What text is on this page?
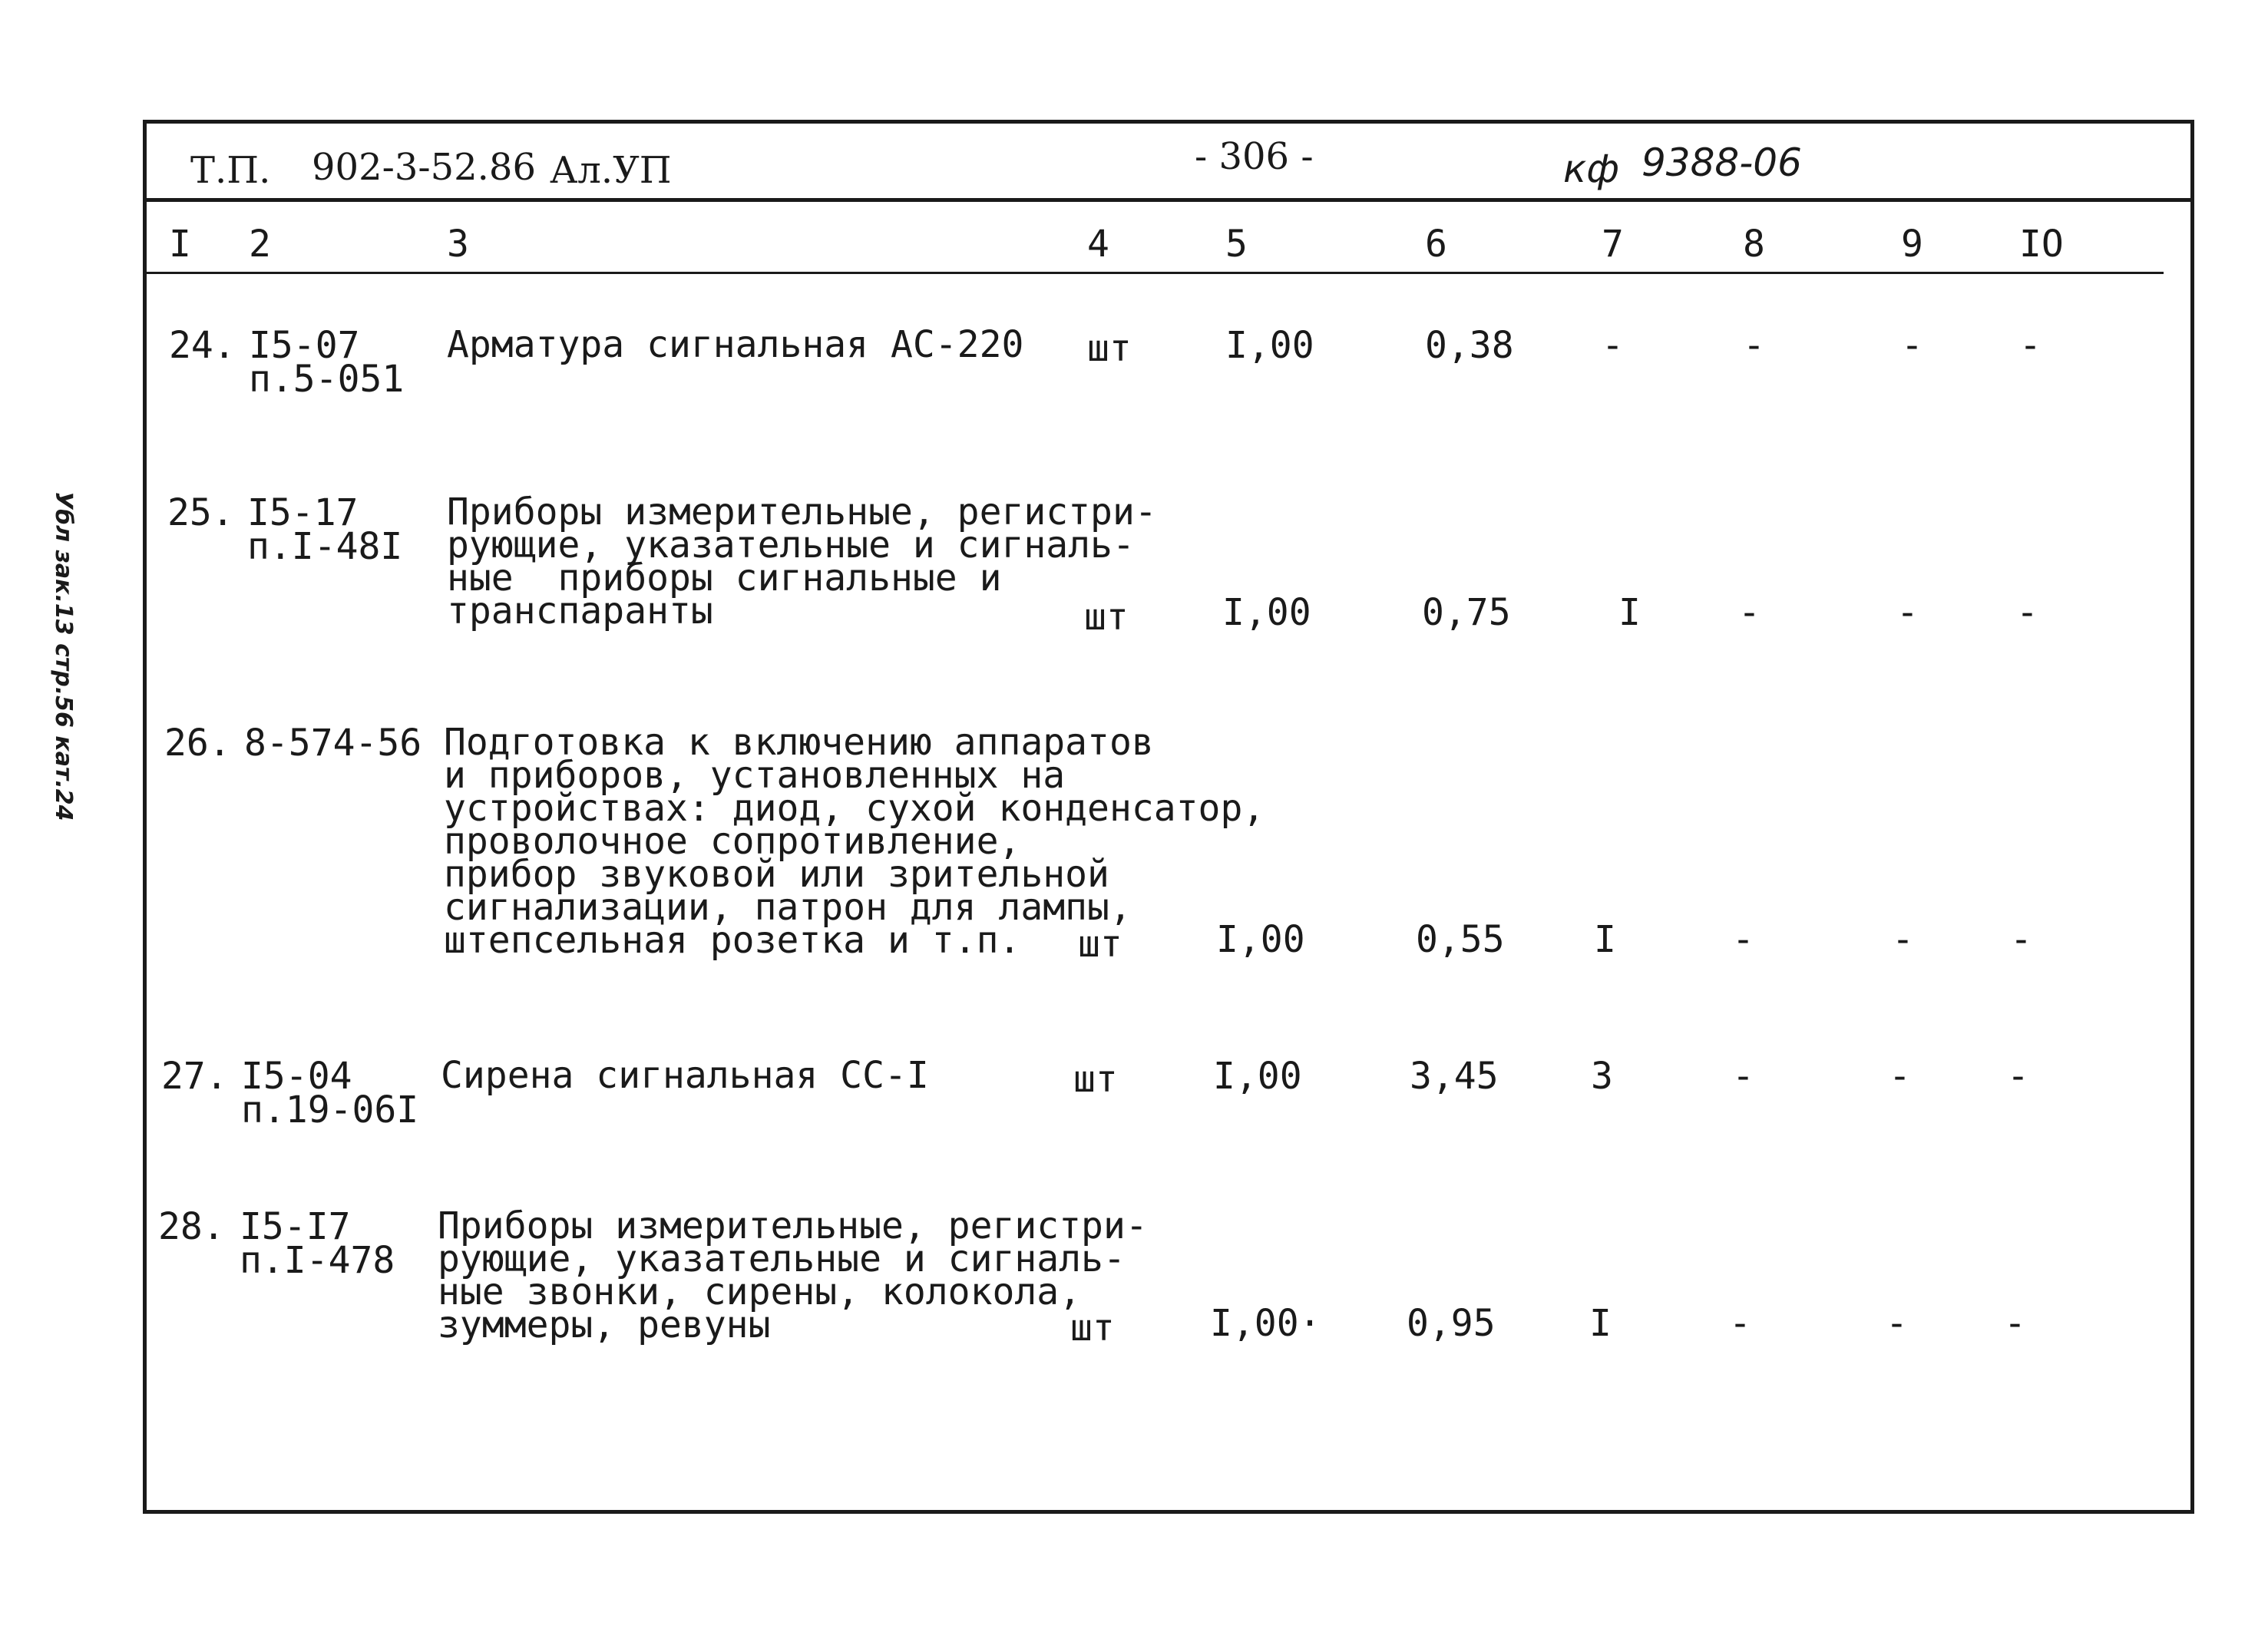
Убл зак.13 стр.56 кат.24
Т.П. 902-3-52.86 Ал.УП	- 306 -	кф 9388-06
I 2	3	4	5	6	7	8	9	IO
24. I5-07
п.5-051
Арматура сигнальная АС-220 шт	I,00	0,38 -	-	-	-
25. I5-17
п.I-48I
Приборы измерительные, регистри-
рующие, указательные и сигналь-
ные  приборы сигнальные и
транспаранты	шт	I,00	0,75	I	-	-	-
26. 8-574-56 Подготовка к включению аппаратов
и приборов, установленных на
устройствах: диод, сухой конденсатор,
проволочное сопротивление,
прибор звуковой или зрительной
сигнализации, патрон для лампы,
штепсельная розетка и т.п. шт	I,00	0,55 I	-	-	-
27. I5-04
п.19-06I
Сирена сигнальная СС-I	шт	I,00	3,45	3	-	-	-
28. I5-I7
п.I-478
Приборы измерительные, регистри-
рующие, указательные и сигналь-
ные звонки, сирены, колокола,
зуммеры, ревуны	шт	I,00· 0,95	I	-	-	-
